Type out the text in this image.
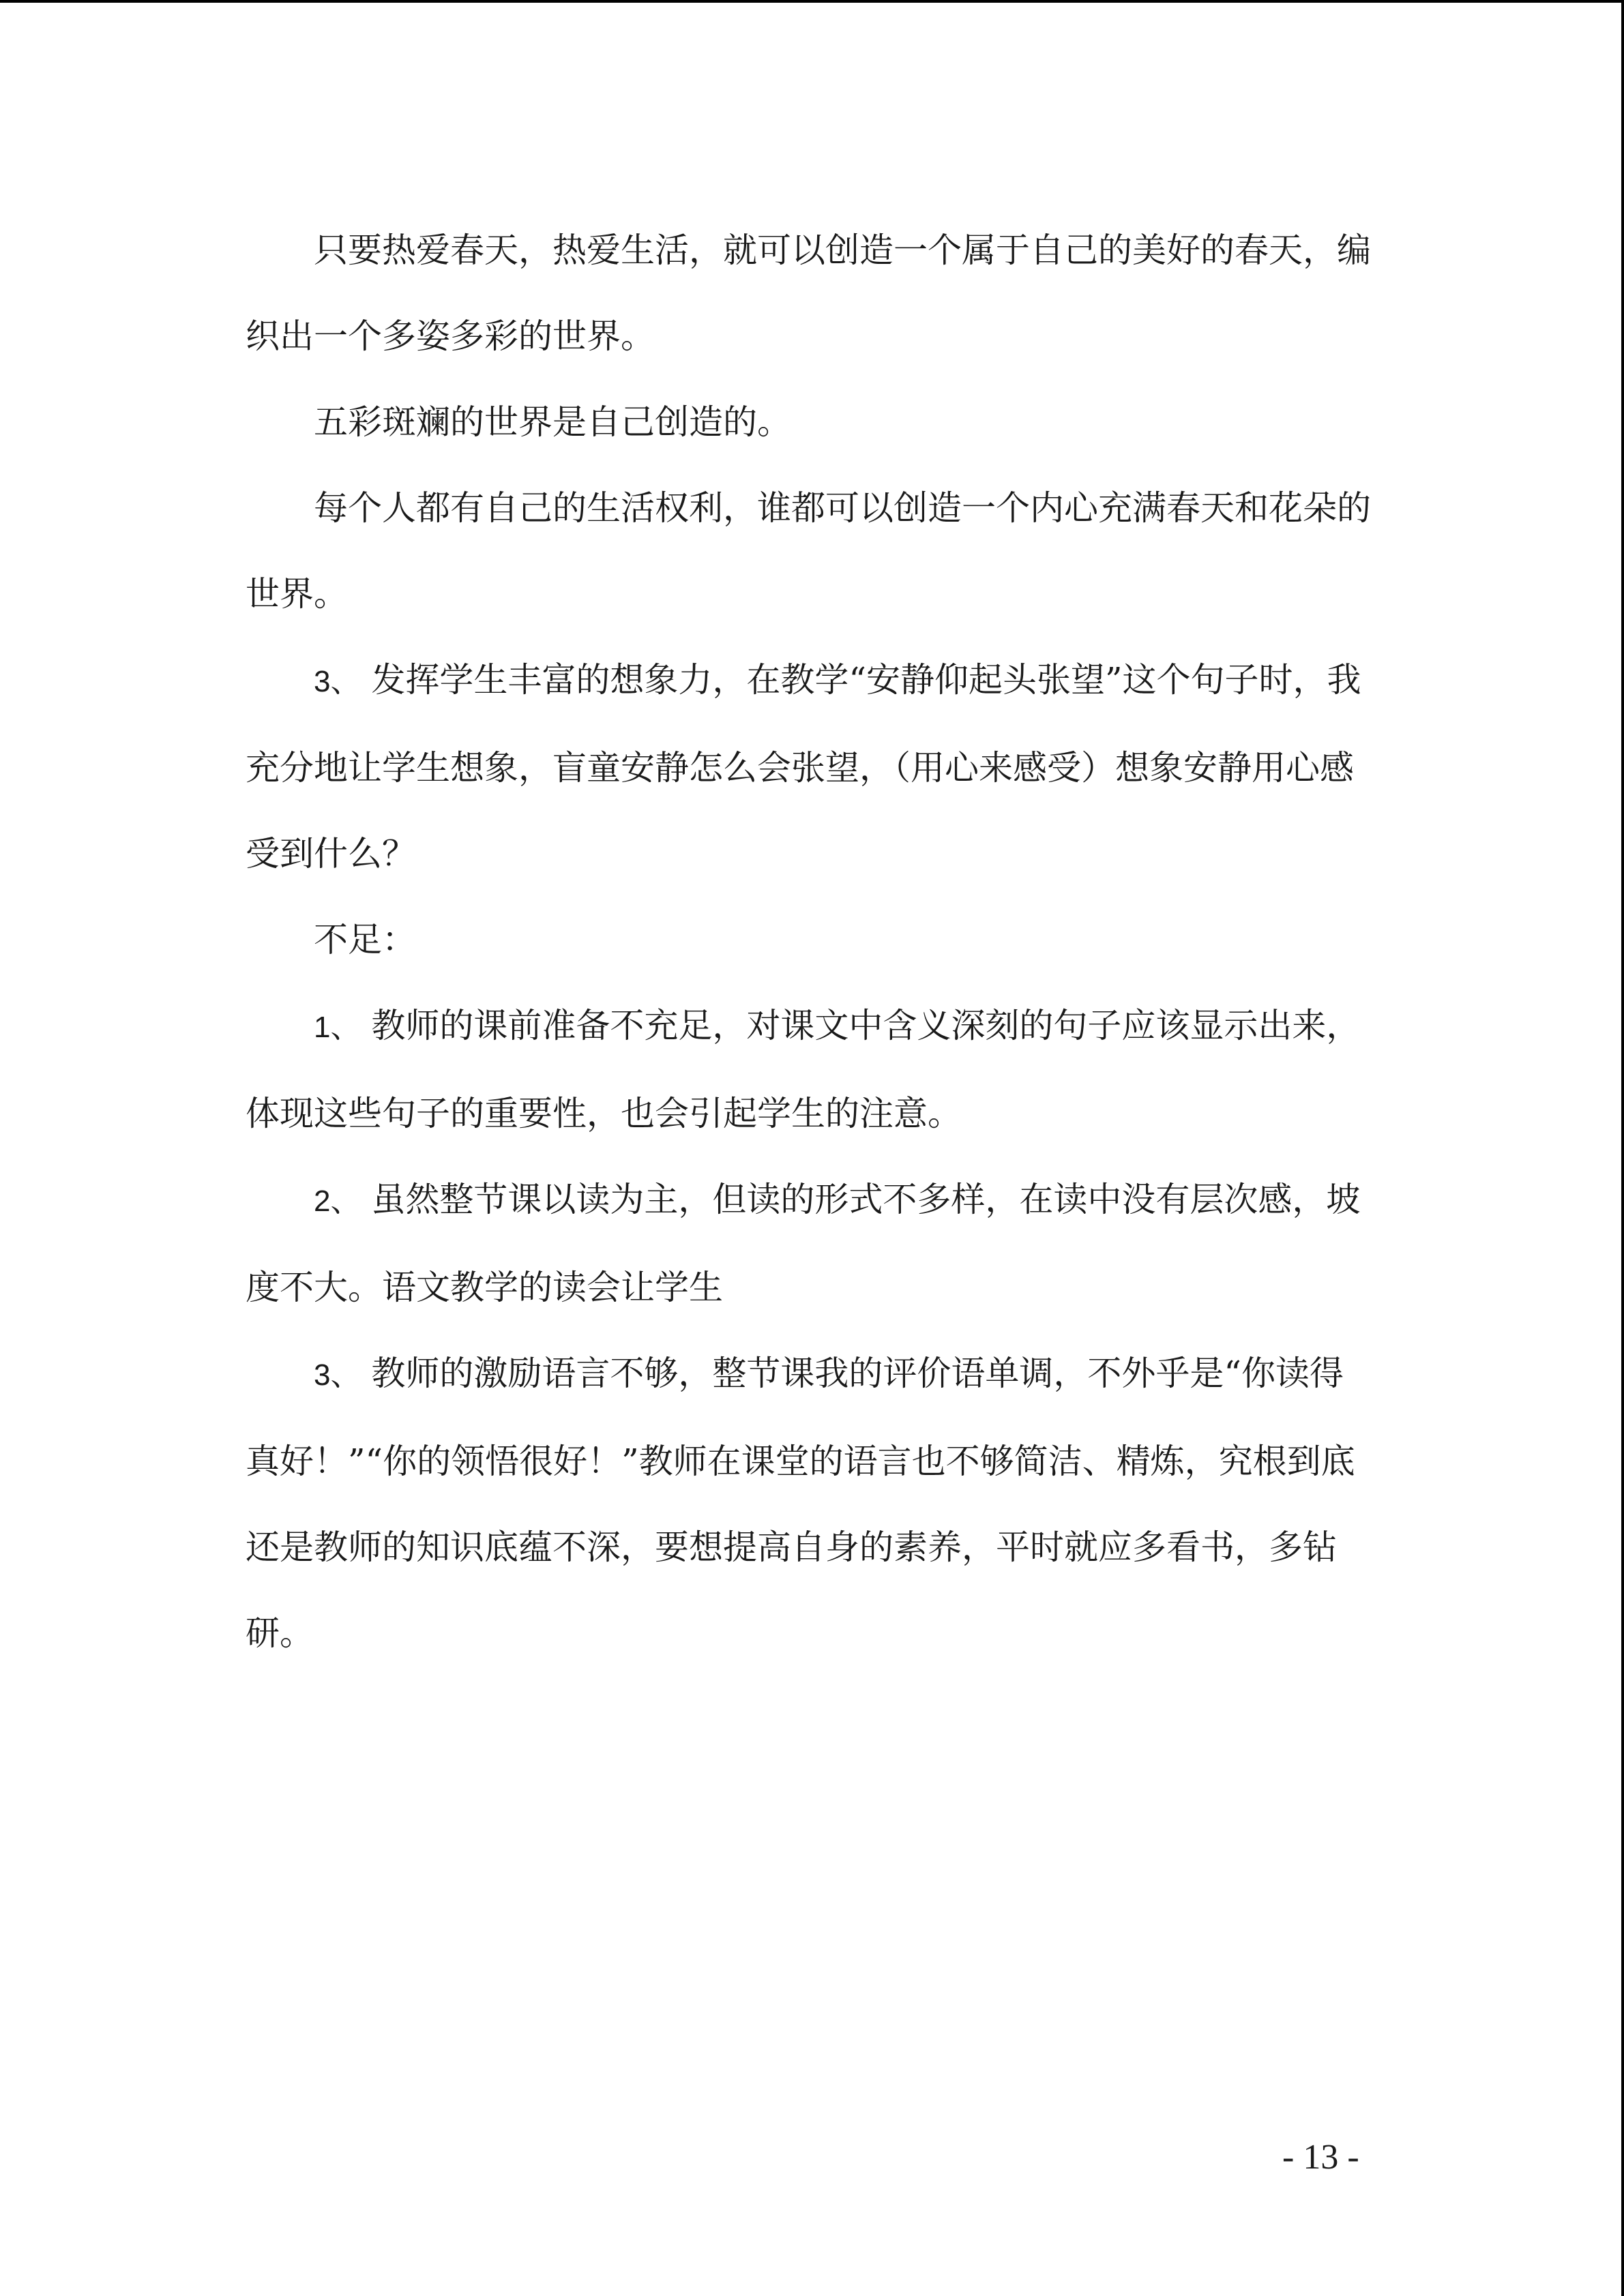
只要热爱春天，热爱生活，就可以创造一个属于自己的美好的春天，编织出一个多姿多彩的世界。

五彩斑斓的世界是自己创造的。

每个人都有自己的生活权利，谁都可以创造一个内心充满春天和花朵的世界。

3、 发挥学生丰富的想象力，在教学“安静仰起头张望”这个句子时，我充分地让学生想象，盲童安静怎么会张望，（用心来感受）想象安静用心感受到什么？

不足：

1、 教师的课前准备不充足，对课文中含义深刻的句子应该显示出来，体现这些句子的重要性，也会引起学生的注意。

2、 虽然整节课以读为主，但读的形式不多样，在读中没有层次感，坡度不大。语文教学的读会让学生

3、 教师的激励语言不够，整节课我的评价语单调，不外乎是“你读得真好！”“你的领悟很好！”教师在课堂的语言也不够简洁、精炼，究根到底还是教师的知识底蕴不深，要想提高自身的素养，平时就应多看书，多钻研。

- 13 -
